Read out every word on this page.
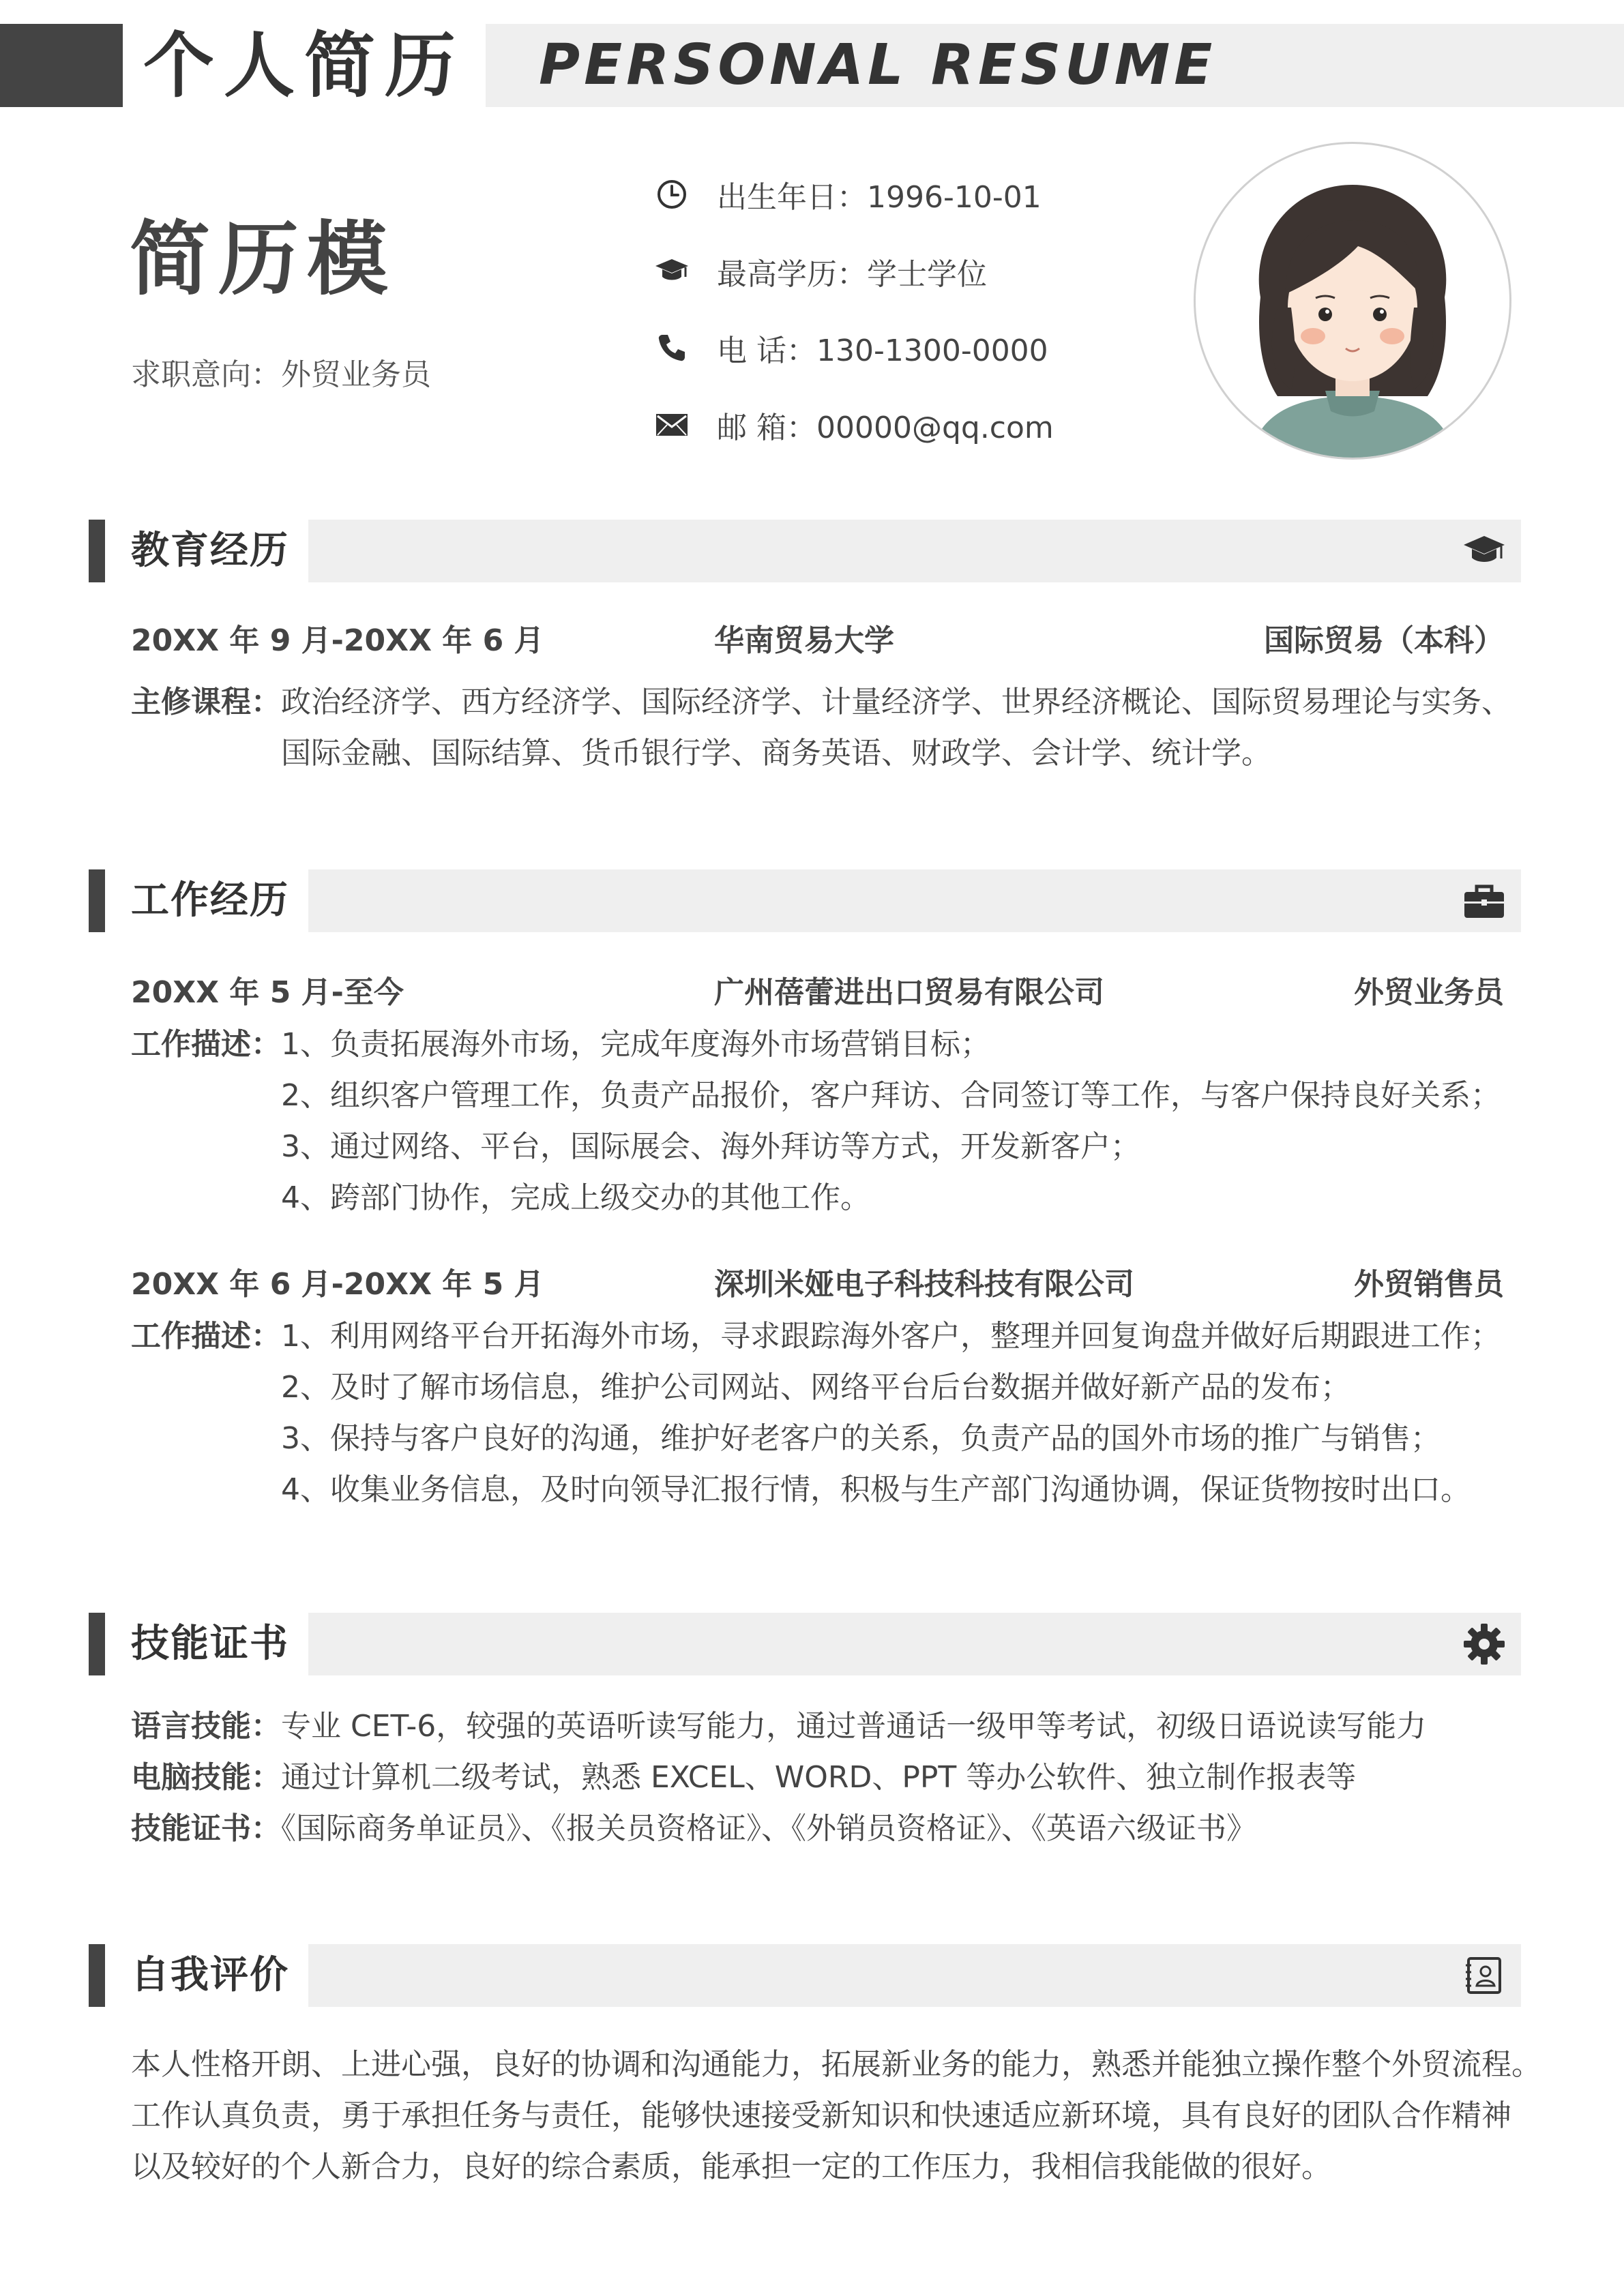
个人简历 PERSONAL RESUME
简历模
求职意向：外贸业务员
出生年日：1996-10-01
最高学历：学士学位
电 话：130-1300-0000
邮 箱：00000@qq.com
教育经历
20XX 年 9 月-20XX 年 6 月	华南贸易大学	国际贸易（本科）
主修课程： 政治经济学、西方经济学、国际经济学、计量经济学、世界经济概论、国际贸易理论与实务、
国际金融、国际结算、货币银行学、商务英语、财政学、会计学、统计学。
工作经历
20XX 年 5 月-至今	广州蓓蕾进出口贸易有限公司	外贸业务员
工作描述： 1、负责拓展海外市场，完成年度海外市场营销目标；
2、组织客户管理工作，负责产品报价，客户拜访、合同签订等工作，与客户保持良好关系；
3、通过网络、平台，国际展会、海外拜访等方式，开发新客户；
4、跨部门协作，完成上级交办的其他工作。
20XX 年 6 月-20XX 年 5 月	深圳米娅电子科技科技有限公司	外贸销售员
工作描述： 1、利用网络平台开拓海外市场，寻求跟踪海外客户，整理并回复询盘并做好后期跟进工作；
2、及时了解市场信息，维护公司网站、网络平台后台数据并做好新产品的发布；
3、保持与客户良好的沟通，维护好老客户的关系，负责产品的国外市场的推广与销售；
4、收集业务信息，及时向领导汇报行情，积极与生产部门沟通协调，保证货物按时出口。
技能证书
语言技能：专业 CET-6，较强的英语听读写能力，通过普通话一级甲等考试，初级日语说读写能力
电脑技能：通过计算机二级考试，熟悉 EXCEL、WORD、PPT 等办公软件、独立制作报表等
技能证书：《国际商务单证员》、《报关员资格证》、《外销员资格证》、《英语六级证书》
自我评价
本人性格开朗、上进心强，良好的协调和沟通能力，拓展新业务的能力，熟悉并能独立操作整个外贸流程。
工作认真负责，勇于承担任务与责任，能够快速接受新知识和快速适应新环境，具有良好的团队合作精神
以及较好的个人新合力，良好的综合素质，能承担一定的工作压力，我相信我能做的很好。
